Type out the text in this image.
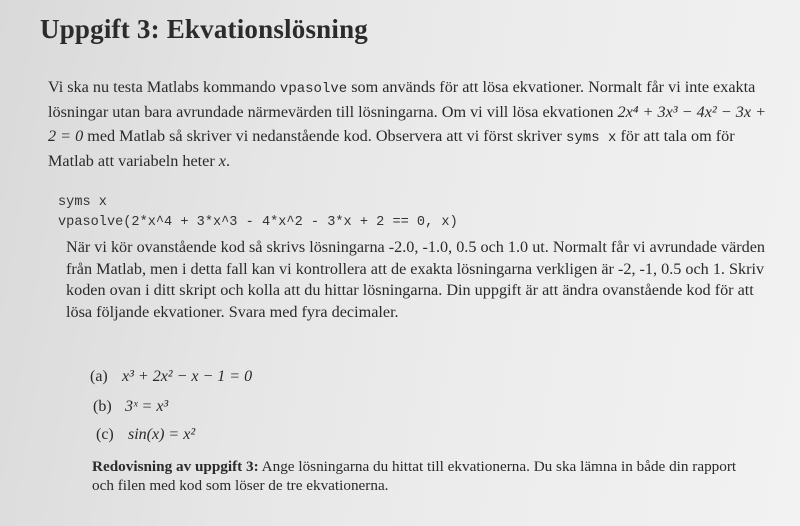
Uppgift 3: Ekvationslösning
Vi ska nu testa Matlabs kommando vpasolve som används för att lösa ekvationer. Normalt får vi inte exakta lösningar utan bara avrundade närmevärden till lösningarna. Om vi vill lösa ekvationen 2x⁴ + 3x³ − 4x² − 3x + 2 = 0 med Matlab så skriver vi nedanstående kod. Observera att vi först skriver syms x för att tala om för Matlab att variabeln heter x.
syms x
vpasolve(2*x^4 + 3*x^3 - 4*x^2 - 3*x + 2 == 0, x)
När vi kör ovanstående kod så skrivs lösningarna -2.0, -1.0, 0.5 och 1.0 ut. Normalt får vi avrundade värden från Matlab, men i detta fall kan vi kontrollera att de exakta lösningarna verkligen är -2, -1, 0.5 och 1. Skriv koden ovan i ditt skript och kolla att du hittar lösningarna. Din uppgift är att ändra ovanstående kod för att lösa följande ekvationer. Svara med fyra decimaler.
(a) x³ + 2x² − x − 1 = 0
(b) 3ˣ = x³
(c) sin(x) = x²
Redovisning av uppgift 3: Ange lösningarna du hittat till ekvationerna. Du ska lämna in både din rapport och filen med kod som löser de tre ekvationerna.
